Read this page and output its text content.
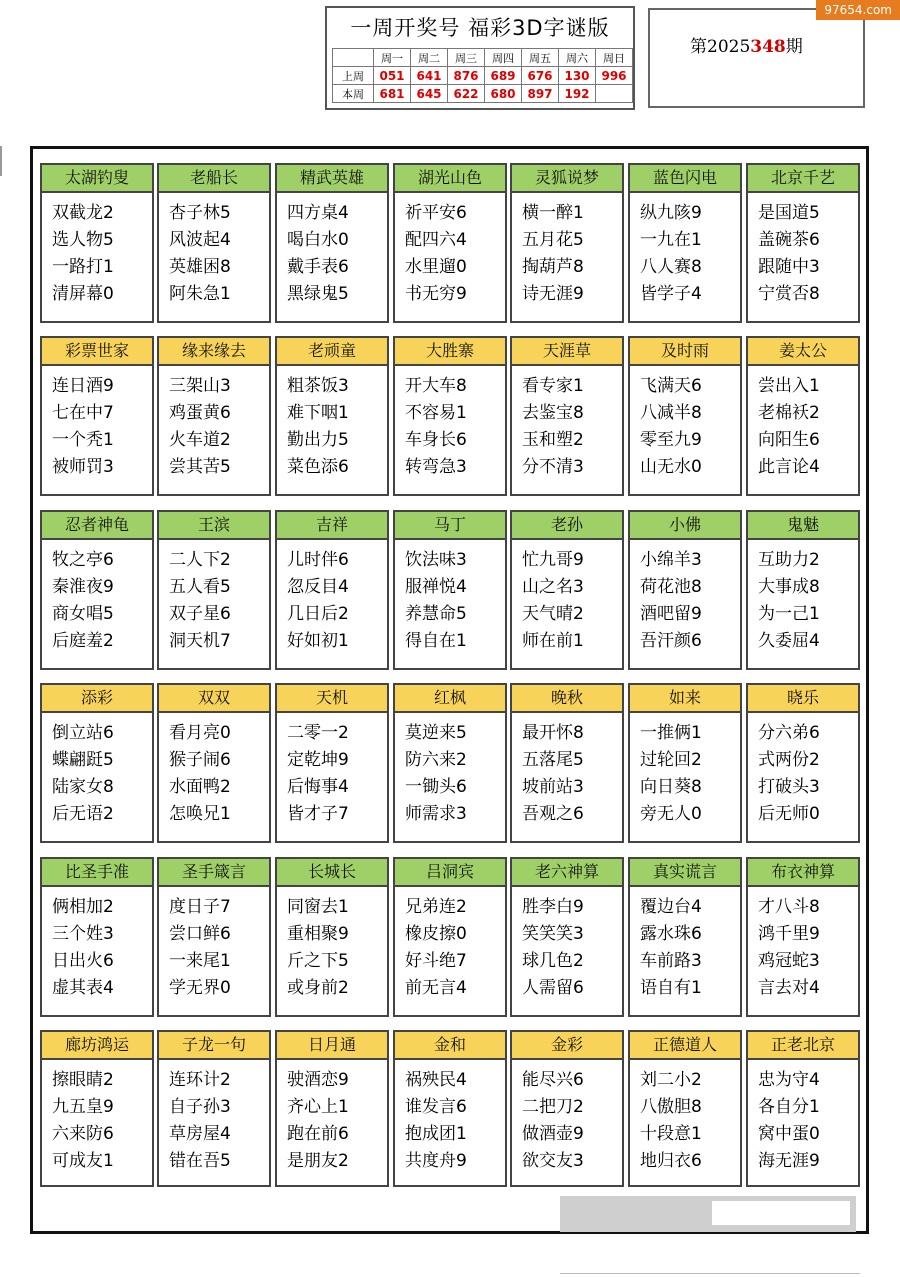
一周开奖号 福彩3D字谜版
	周一	周二	周三	周四	周五	周六	周日
上周	051	641	876	689	676	130	996
本周	681	645	622	680	897	192	
第2025348期
97654.com
太湖钓叟
双截龙2
选人物5
一路打1
清屏幕0
老船长
杏子林5
风波起4
英雄困8
阿朱急1
精武英雄
四方桌4
喝白水0
戴手表6
黑绿鬼5
湖光山色
祈平安6
配四六4
水里遛0
书无穷9
灵狐说梦
横一醉1
五月花5
掏葫芦8
诗无涯9
蓝色闪电
纵九陔9
一九在1
八人赛8
皆学子4
北京千艺
是国道5
盖碗茶6
跟随中3
宁赏否8
彩票世家
连日酒9
七在中7
一个秃1
被师罚3
缘来缘去
三架山3
鸡蛋黄6
火车道2
尝其苦5
老顽童
粗茶饭3
难下咽1
勤出力5
菜色添6
大胜寨
开大车8
不容易1
车身长6
转弯急3
天涯草
看专家1
去鉴宝8
玉和塑2
分不清3
及时雨
飞满天6
八减半8
零至九9
山无水0
姜太公
尝出入1
老棉袄2
向阳生6
此言论4
忍者神龟
牧之亭6
秦淮夜9
商女唱5
后庭羞2
王滨
二人下2
五人看5
双子星6
洞天机7
吉祥
儿时伴6
忽反目4
几日后2
好如初1
马丁
饮法味3
服禅悦4
养慧命5
得自在1
老孙
忙九哥9
山之名3
天气晴2
师在前1
小佛
小绵羊3
荷花池8
酒吧留9
吾汗颜6
鬼魅
互助力2
大事成8
为一己1
久委屈4
添彩
倒立站6
蝶翩跹5
陆家女8
后无语2
双双
看月亮0
猴子闹6
水面鸭2
怎唤兄1
天机
二零一2
定乾坤9
后悔事4
皆才子7
红枫
莫逆来5
防六来2
一锄头6
师需求3
晚秋
最开怀8
五落尾5
坡前站3
吾观之6
如来
一推俩1
过轮回2
向日葵8
旁无人0
晓乐
分六弟6
式两份2
打破头3
后无师0
比圣手准
俩相加2
三个姓3
日出火6
虚其表4
圣手箴言
度日子7
尝口鲜6
一来尾1
学无界0
长城长
同窗去1
重相聚9
斤之下5
或身前2
吕洞宾
兄弟连2
橡皮擦0
好斗绝7
前无言4
老六神算
胜李白9
笑笑笑3
球几色2
人需留6
真实谎言
覆边台4
露水珠6
车前路3
语自有1
布衣神算
才八斗8
鸿千里9
鸡冠蛇3
言去对4
廊坊鸿运
擦眼睛2
九五皇9
六来防6
可成友1
子龙一句
连环计2
自子孙3
草房屋4
错在吾5
日月通
驶酒恋9
齐心上1
跑在前6
是朋友2
金和
祸殃民4
谁发言6
抱成团1
共度舟9
金彩
能尽兴6
二把刀2
做酒壶9
欲交友3
正德道人
刘二小2
八傲胆8
十段意1
地归衣6
正老北京
忠为守4
各自分1
窝中蛋0
海无涯9
